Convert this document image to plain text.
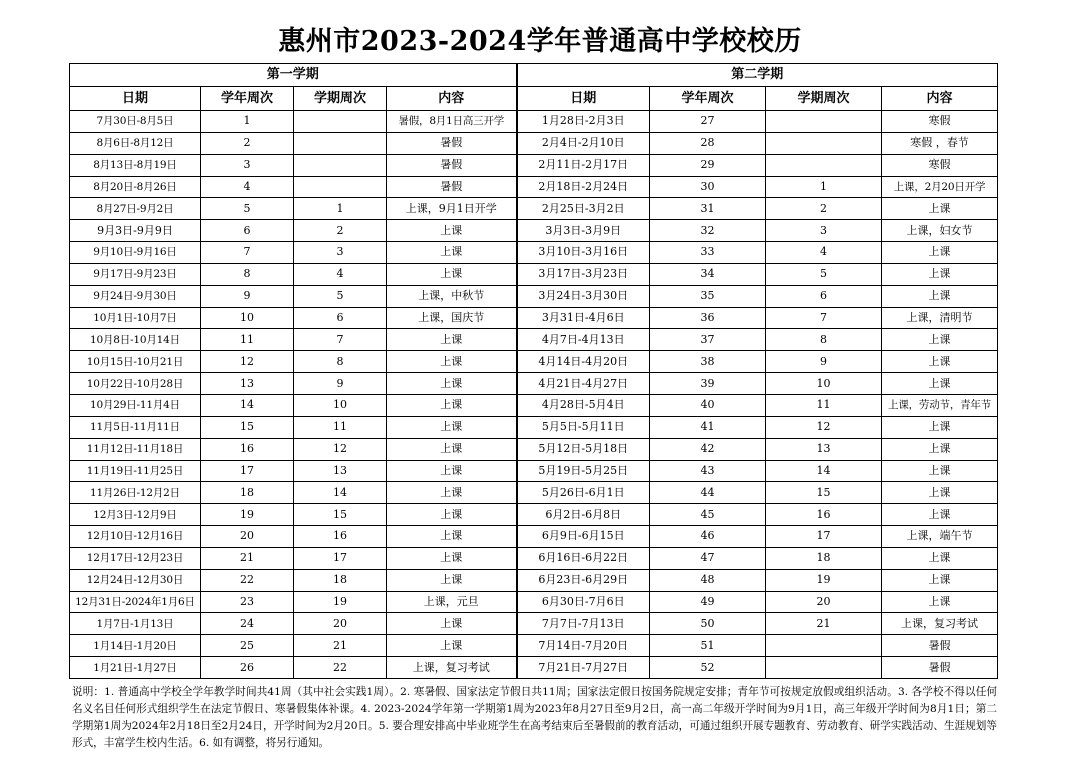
惠州市2023-2024学年普通高中学校校历
第一学期				第二学期			
日期	学年周次	学期周次	内容	日期	学年周次	学期周次	内容
7月30日-8月5日	1		暑假，8月1日高三开学	1月28日-2月3日	27		寒假
8月6日-8月12日	2		暑假	2月4日-2月10日	28		寒假 ，春节
8月13日-8月19日	3		暑假	2月11日-2月17日	29		寒假
8月20日-8月26日	4		暑假	2月18日-2月24日	30	1	上课，2月20日开学
8月27日-9月2日	5	1	上课，9月1日开学	2月25日-3月2日	31	2	上课
9月3日-9月9日	6	2	上课	3月3日-3月9日	32	3	上课，妇女节
9月10日-9月16日	7	3	上课	3月10日-3月16日	33	4	上课
9月17日-9月23日	8	4	上课	3月17日-3月23日	34	5	上课
9月24日-9月30日	9	5	上课，中秋节	3月24日-3月30日	35	6	上课
10月1日-10月7日	10	6	上课，国庆节	3月31日-4月6日	36	7	上课，清明节
10月8日-10月14日	11	7	上课	4月7日-4月13日	37	8	上课
10月15日-10月21日	12	8	上课	4月14日-4月20日	38	9	上课
10月22日-10月28日	13	9	上课	4月21日-4月27日	39	10	上课
10月29日-11月4日	14	10	上课	4月28日-5月4日	40	11	上课，劳动节，青年节
11月5日-11月11日	15	11	上课	5月5日-5月11日	41	12	上课
11月12日-11月18日	16	12	上课	5月12日-5月18日	42	13	上课
11月19日-11月25日	17	13	上课	5月19日-5月25日	43	14	上课
11月26日-12月2日	18	14	上课	5月26日-6月1日	44	15	上课
12月3日-12月9日	19	15	上课	6月2日-6月8日	45	16	上课
12月10日-12月16日	20	16	上课	6月9日-6月15日	46	17	上课，端午节
12月17日-12月23日	21	17	上课	6月16日-6月22日	47	18	上课
12月24日-12月30日	22	18	上课	6月23日-6月29日	48	19	上课
12月31日-2024年1月6日	23	19	上课，元旦	6月30日-7月6日	49	20	上课
1月7日-1月13日	24	20	上课	7月7日-7月13日	50	21	上课，复习考试
1月14日-1月20日	25	21	上课	7月14日-7月20日	51		暑假
1月21日-1月27日	26	22	上课，复习考试	7月21日-7月27日	52		暑假
说明：1. 普通高中学校全学年教学时间共41周（其中社会实践1周）。2. 寒暑假、国家法定节假日共11周；国家法定假日按国务院规定安排；青年节可按规定放假或组织活动。3. 各学校不得以任何名义名目任何形式组织学生在法定节假日、寒暑假集体补课。4. 2023-2024学年第一学期第1周为2023年8月27日至9月2日，高一高二年级开学时间为9月1日，高三年级开学时间为8月1日；第二学期第1周为2024年2月18日至2月24日，开学时间为2月20日。5. 要合理安排高中毕业班学生在高考结束后至暑假前的教育活动，可通过组织开展专题教育、劳动教育、研学实践活动、生涯规划等形式，丰富学生校内生活。6. 如有调整，将另行通知。
